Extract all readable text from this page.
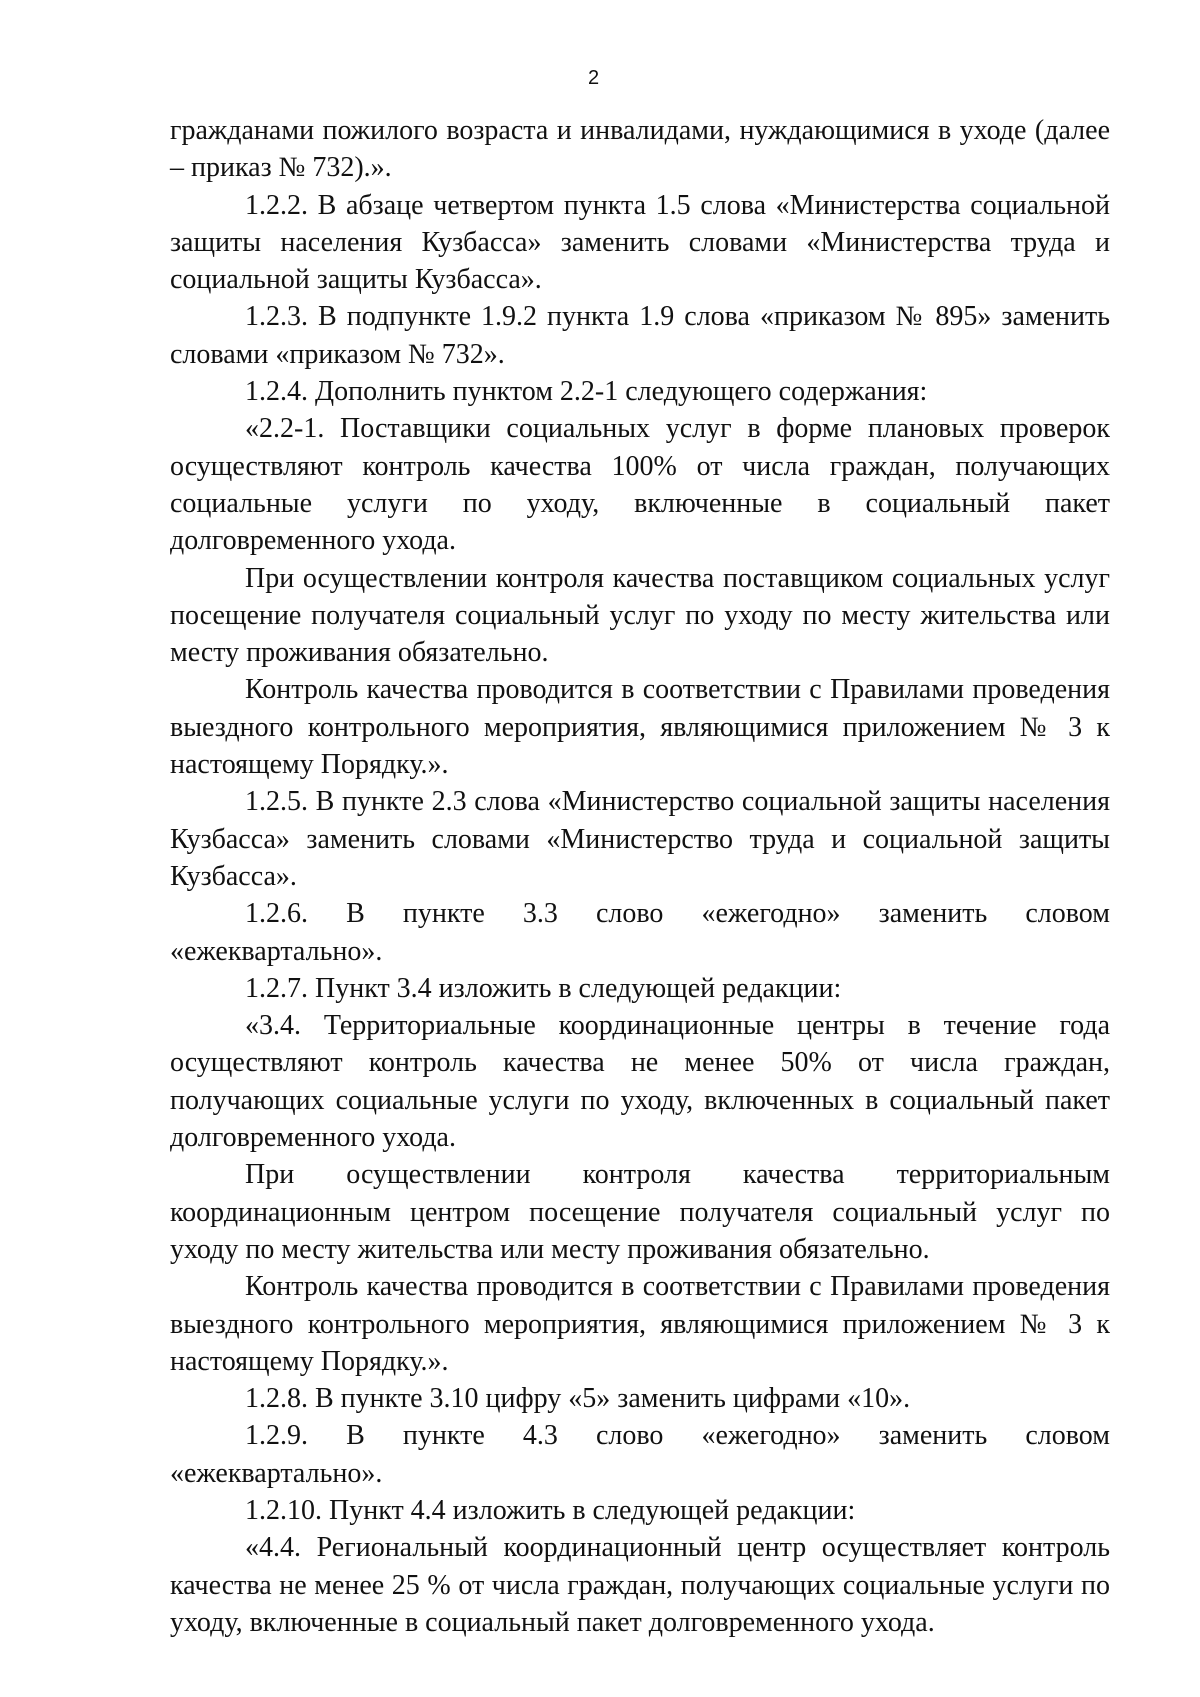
2

гражданами пожилого возраста и инвалидами, нуждающимися в уходе (далее – приказ № 732).».

1.2.2. В абзаце четвертом пункта 1.5 слова «Министерства социальной защиты населения Кузбасса» заменить словами «Министерства труда и социальной защиты Кузбасса».

1.2.3. В подпункте 1.9.2 пункта 1.9 слова «приказом № 895» заменить словами «приказом № 732».

1.2.4. Дополнить пунктом 2.2-1 следующего содержания:

«2.2-1. Поставщики социальных услуг в форме плановых проверок осуществляют контроль качества 100% от числа граждан, получающих социальные услуги по уходу, включенные в социальный пакет долговременного ухода.

При осуществлении контроля качества поставщиком социальных услуг посещение получателя социальный услуг по уходу по месту жительства или месту проживания обязательно.

Контроль качества проводится в соответствии с Правилами проведения выездного контрольного мероприятия, являющимися приложением № 3 к настоящему Порядку.».

1.2.5. В пункте 2.3 слова «Министерство социальной защиты населения Кузбасса» заменить словами «Министерство труда и социальной защиты Кузбасса».

1.2.6. В пункте 3.3 слово «ежегодно» заменить словом «ежеквартально».

1.2.7. Пункт 3.4 изложить в следующей редакции:

«3.4. Территориальные координационные центры в течение года осуществляют контроль качества не менее 50% от числа граждан, получающих социальные услуги по уходу, включенных в социальный пакет долговременного ухода.

При осуществлении контроля качества территориальным координационным центром посещение получателя социальный услуг по уходу по месту жительства или месту проживания обязательно.

Контроль качества проводится в соответствии с Правилами проведения выездного контрольного мероприятия, являющимися приложением № 3 к настоящему Порядку.».

1.2.8. В пункте 3.10 цифру «5» заменить цифрами «10».

1.2.9. В пункте 4.3 слово «ежегодно» заменить словом «ежеквартально».

1.2.10. Пункт 4.4 изложить в следующей редакции:

«4.4. Региональный координационный центр осуществляет контроль качества не менее 25 % от числа граждан, получающих социальные услуги по уходу, включенные в социальный пакет долговременного ухода.
